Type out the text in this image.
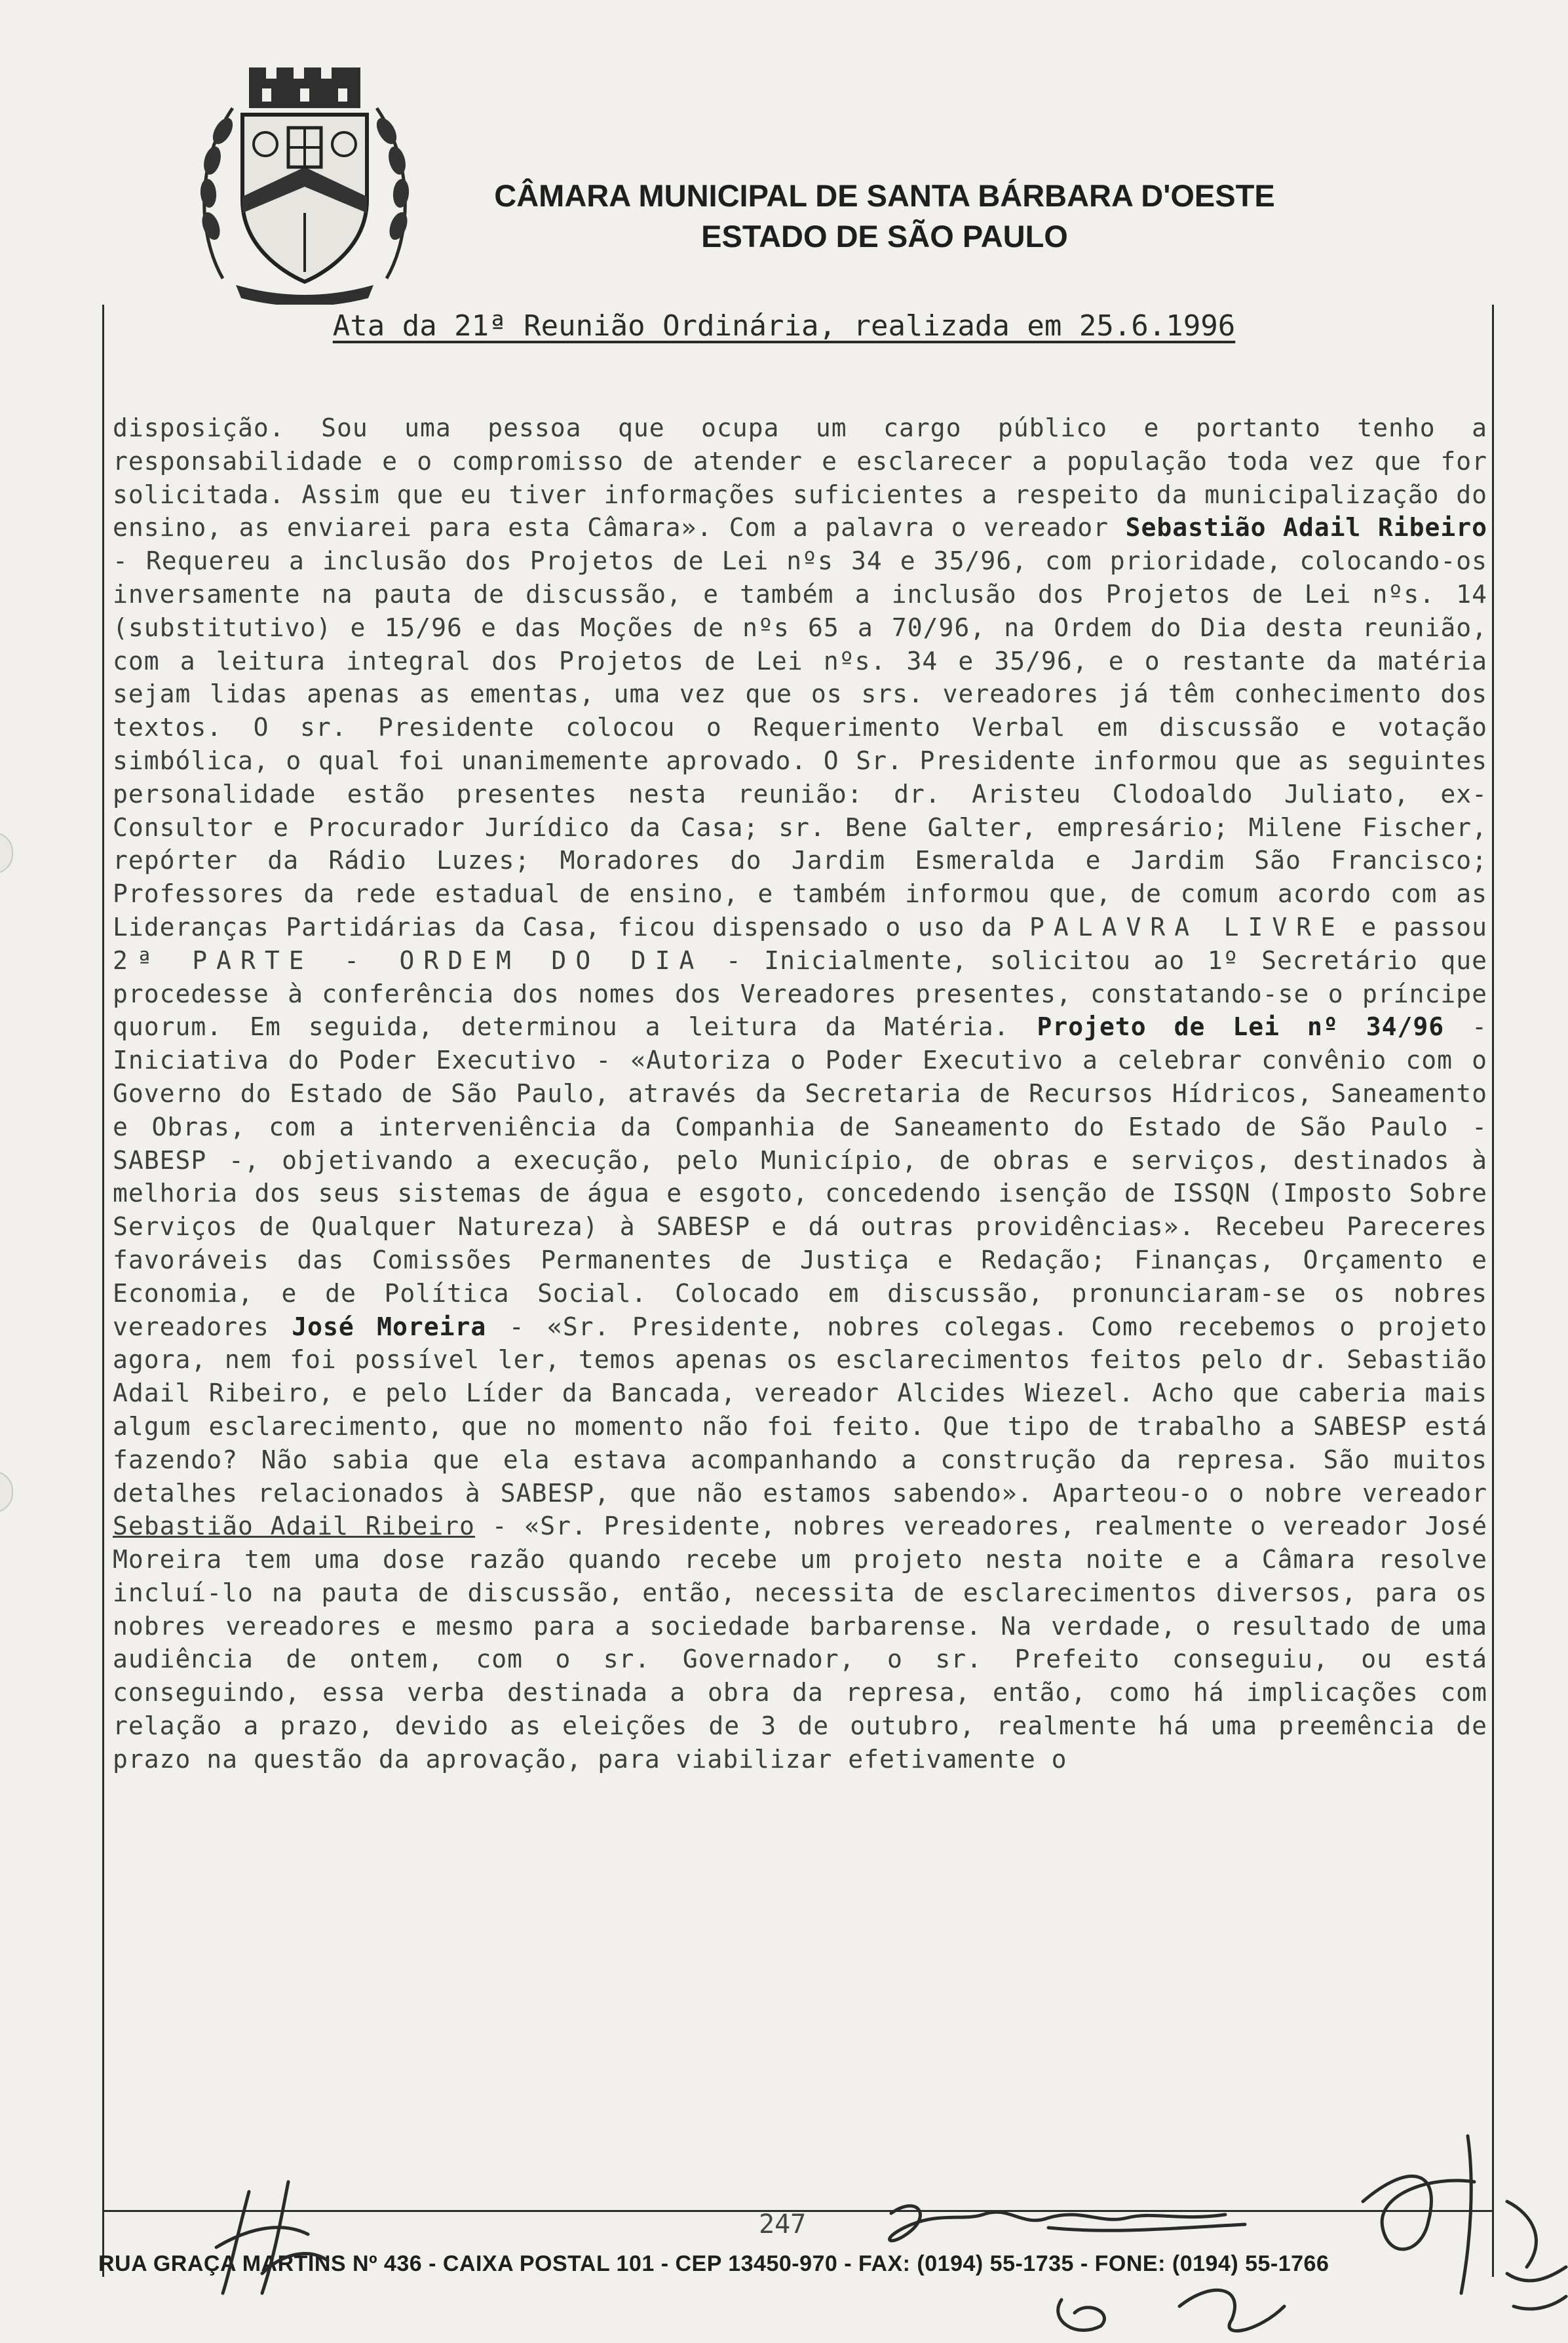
CÂMARA MUNICIPAL DE SANTA BÁRBARA D'OESTE
ESTADO DE SÃO PAULO
Ata da 21ª Reunião Ordinária, realizada em 25.6.1996
disposição. Sou uma pessoa que ocupa um cargo público e portanto tenho a responsabilidade e o compromisso de atender e esclarecer a população toda vez que for solicitada. Assim que eu tiver informações suficientes a respeito da municipalização do ensino, as enviarei para esta Câmara». Com a palavra o vereador Sebastião Adail Ribeiro - Requereu a inclusão dos Projetos de Lei nºs 34 e 35/96, com prioridade, colocando-os inversamente na pauta de discussão, e também a inclusão dos Projetos de Lei nºs. 14 (substitutivo) e 15/96 e das Moções de nºs 65 a 70/96, na Ordem do Dia desta reunião, com a leitura integral dos Projetos de Lei nºs. 34 e 35/96, e o restante da matéria sejam lidas apenas as ementas, uma vez que os srs. vereadores já têm conhecimento dos textos. O sr. Presidente colocou o Requerimento Verbal em discussão e votação simbólica, o qual foi unanimemente aprovado. O Sr. Presidente informou que as seguintes personalidade estão presentes nesta reunião: dr. Aristeu Clodoaldo Juliato, ex-Consultor e Procurador Jurídico da Casa; sr. Bene Galter, empresário; Milene Fischer, repórter da Rádio Luzes; Moradores do Jardim Esmeralda e Jardim São Francisco; Professores da rede estadual de ensino, e também informou que, de comum acordo com as Lideranças Partidárias da Casa, ficou dispensado o uso da PALAVRA LIVRE e passou 2ª PARTE - ORDEM DO DIA - Inicialmente, solicitou ao 1º Secretário que procedesse à conferência dos nomes dos Vereadores presentes, constatando-se o príncipe quorum. Em seguida, determinou a leitura da Matéria. Projeto de Lei nº 34/96 - Iniciativa do Poder Executivo - «Autoriza o Poder Executivo a celebrar convênio com o Governo do Estado de São Paulo, através da Secretaria de Recursos Hídricos, Saneamento e Obras, com a interveniência da Companhia de Saneamento do Estado de São Paulo - SABESP -, objetivando a execução, pelo Município, de obras e serviços, destinados à melhoria dos seus sistemas de água e esgoto, concedendo isenção de ISSQN (Imposto Sobre Serviços de Qualquer Natureza) à SABESP e dá outras providências». Recebeu Pareceres favoráveis das Comissões Permanentes de Justiça e Redação; Finanças, Orçamento e Economia, e de Política Social. Colocado em discussão, pronunciaram-se os nobres vereadores José Moreira - «Sr. Presidente, nobres colegas. Como recebemos o projeto agora, nem foi possível ler, temos apenas os esclarecimentos feitos pelo dr. Sebastião Adail Ribeiro, e pelo Líder da Bancada, vereador Alcides Wiezel. Acho que caberia mais algum esclarecimento, que no momento não foi feito. Que tipo de trabalho a SABESP está fazendo? Não sabia que ela estava acompanhando a construção da represa. São muitos detalhes relacionados à SABESP, que não estamos sabendo». Aparteou-o o nobre vereador Sebastião Adail Ribeiro - «Sr. Presidente, nobres vereadores, realmente o vereador José Moreira tem uma dose razão quando recebe um projeto nesta noite e a Câmara resolve incluí-lo na pauta de discussão, então, necessita de esclarecimentos diversos, para os nobres vereadores e mesmo para a sociedade barbarense. Na verdade, o resultado de uma audiência de ontem, com o sr. Governador, o sr. Prefeito conseguiu, ou está conseguindo, essa verba destinada a obra da represa, então, como há implicações com relação a prazo, devido as eleições de 3 de outubro, realmente há uma preemência de prazo na questão da aprovação, para viabilizar efetivamente o
247
RUA GRAÇA MARTINS Nº 436 - CAIXA POSTAL 101 - CEP 13450-970 - FAX: (0194) 55-1735 - FONE: (0194) 55-1766
